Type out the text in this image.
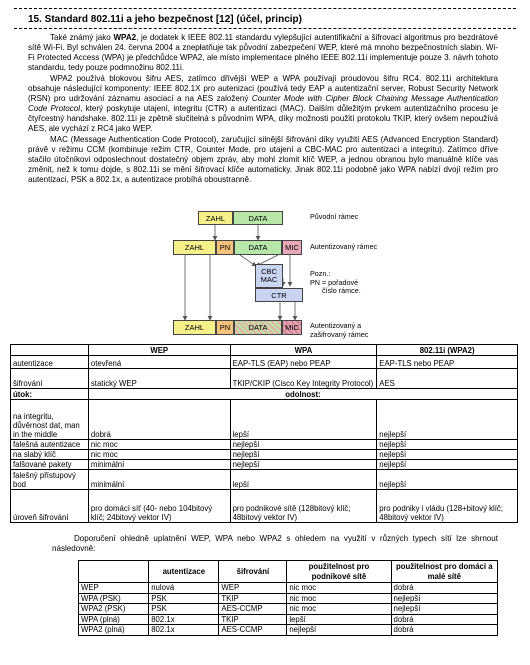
15. Standard 802.11i a jeho bezpečnost [12] (účel, princip)

Také známý jako WPA2, je dodatek k IEEE 802.11 standardu vylepšující autentifikační a šifrovací algoritmus pro bezdrátové sítě Wi-Fi. Byl schválen 24. června 2004 a znepłatňuje tak původní zabezpečení WEP, které má mnoho bezpečnostních slabin. Wi-Fi Protected Access (WPA) je předchůdce WPA2, ale místo implementace plného IEEE 802.11i implementuje pouze 3. návrh tohoto standardu, tedy pouze podmnožinu 802.11i.

WPA2 používá blokovou šifru AES, zatímco dřívější WEP a WPA používají proudovou šifru RC4. 802.11i architektura obsahuje následující komponenty: IEEE 802.1X pro autenizaci (používá tedy EAP a autentizační server, Robust Security Network (RSN) pro udržování záznamu asociací a na AES založený Counter Mode with Cipher Block Chaining Message Authentication Code Protocol, který poskytuje utajení, integritu (CTR) a autentizaci (MAC). Dalším důležitým prvkem autentizačního procesu je čtyřcestný handshake. 802.11i je zpětně slučitelná s původním WPA, díky možnosti použití protokolu TKIP, který ovšem nepoužívá AES, ale vychází z RC4 jako WEP.

MAC (Message Authentication Code Protocol), zaručující silnější šifrování díky využití AES (Advanced Encryption Standard) právě v režimu CCM (kombinuje režim CTR, Counter Mode, pro utajení a CBC-MAC pro autentizaci a integritu). Zatímco dříve stačilo útočníkovi odposlechnout dostatečný objem zpráv, aby mohl zlomit klíč WEP, a jednou obranou bylo manuálně klíče vas změnit, než k tomu dojde, s 802.11i se mění šifrovací klíče automaticky. Jinak 802.11i podobně jako WPA nabízí dvojí režim pro autentizaci, PSK a 802.1x, a autentizace probíhá oboustranně.

ZAHL	DATA
ZAHL	PN	DATA	MIC
CBC
MAC
CTR
ZAHL	PN	DATA	MIC
Původní rámec
Autentizovaný rámec
Pozn.:
PN = pořadové
číslo rámce.
Autentizovaný a
zašifrovaný rámec
	WEP	WPA	802.11i (WPA2)
autentizace	otevřená	EAP-TLS (EAP) nebo PEAP	EAP-TLS nebo PEAP
šifrování	statický WEP	TKIP/CKIP (Cisco Key Integrity Protocol)	AES
útok:	odolnost:		
na integritu, důvěrnost dat, man in the middle	dobrá	lepší	nejlepší
falešná autentizace	nic moc	nejlepší	nejlepší
na slabý klíč	nic moc	nejlepší	nejlepší
falšované pakety	minimální	nejlepší	nejlepší
falešný přístupový bod	minimální	lepší	nejlepší
úroveň šifrování	pro domácí síť (40- nebo 104bitový klíč; 24bitový vektor IV)	pro podnikové sítě (128bitový klíč; 48bitový vektor IV)	pro podniky i vládu (128+bitový klíč; 48bitový vektor IV)
Doporučení ohledně uplatnění WEP, WPA nebo WPA2 s ohledem na využití v různých typech sítí lze shrnout následovně:
	autentizace	šifrování	použitelnost pro podnikové sítě	použitelnost pro domácí a malé sítě
WEP	nulová	WEP	nic moc	dobrá
WPA (PSK)	PSK	TKIP	nic moc	nejlepší
WPA2 (PSK)	PSK	AES-CCMP	nic moc	nejlepší
WPA (plná)	802.1x	TKIP	lepší	dobrá
WPA2 (plná)	802.1x	AES-CCMP	nejlepší	dobrá
